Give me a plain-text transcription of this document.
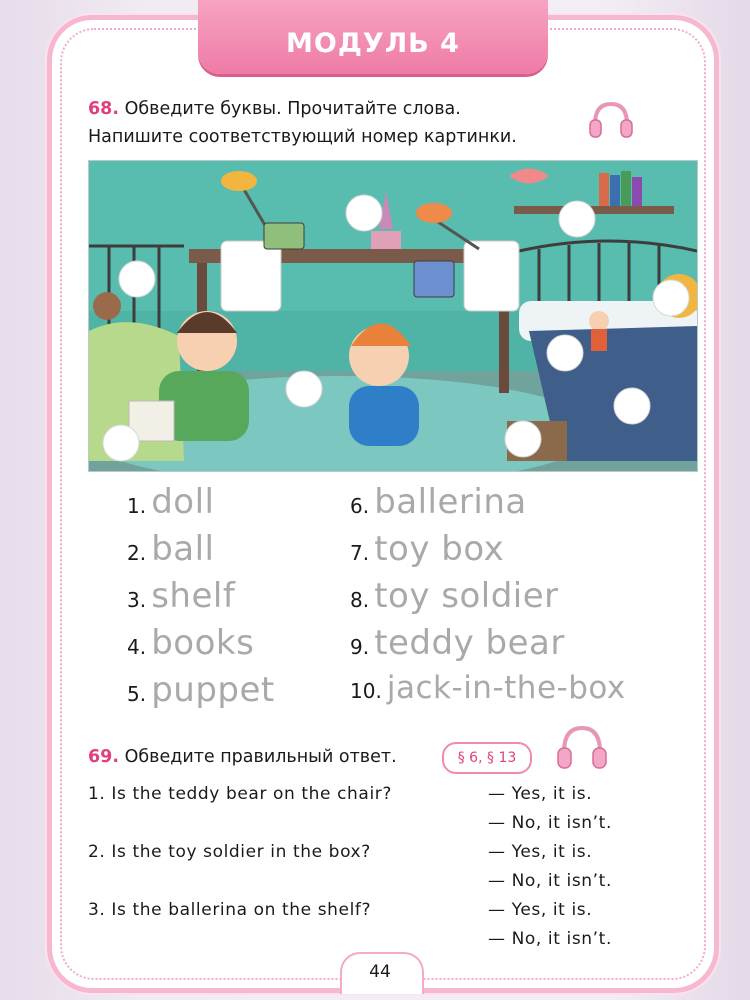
МОДУЛЬ 4
68. Обведите буквы. Прочитайте слова.
Напишите соответствующий номер картинки.
1. doll
2. ball
3. shelf
4. books
5. puppet
6. ballerina
7. toy box
8. toy soldier
9. teddy bear
10. jack-in-the-box
69. Обведите правильный ответ.	§ 6, § 13
1. Is the teddy bear on the chair?	— Yes, it is.
— No, it isn’t.
2. Is the toy soldier in the box?	— Yes, it is.
— No, it isn’t.
3. Is the ballerina on the shelf?	— Yes, it is.
— No, it isn’t.
44
